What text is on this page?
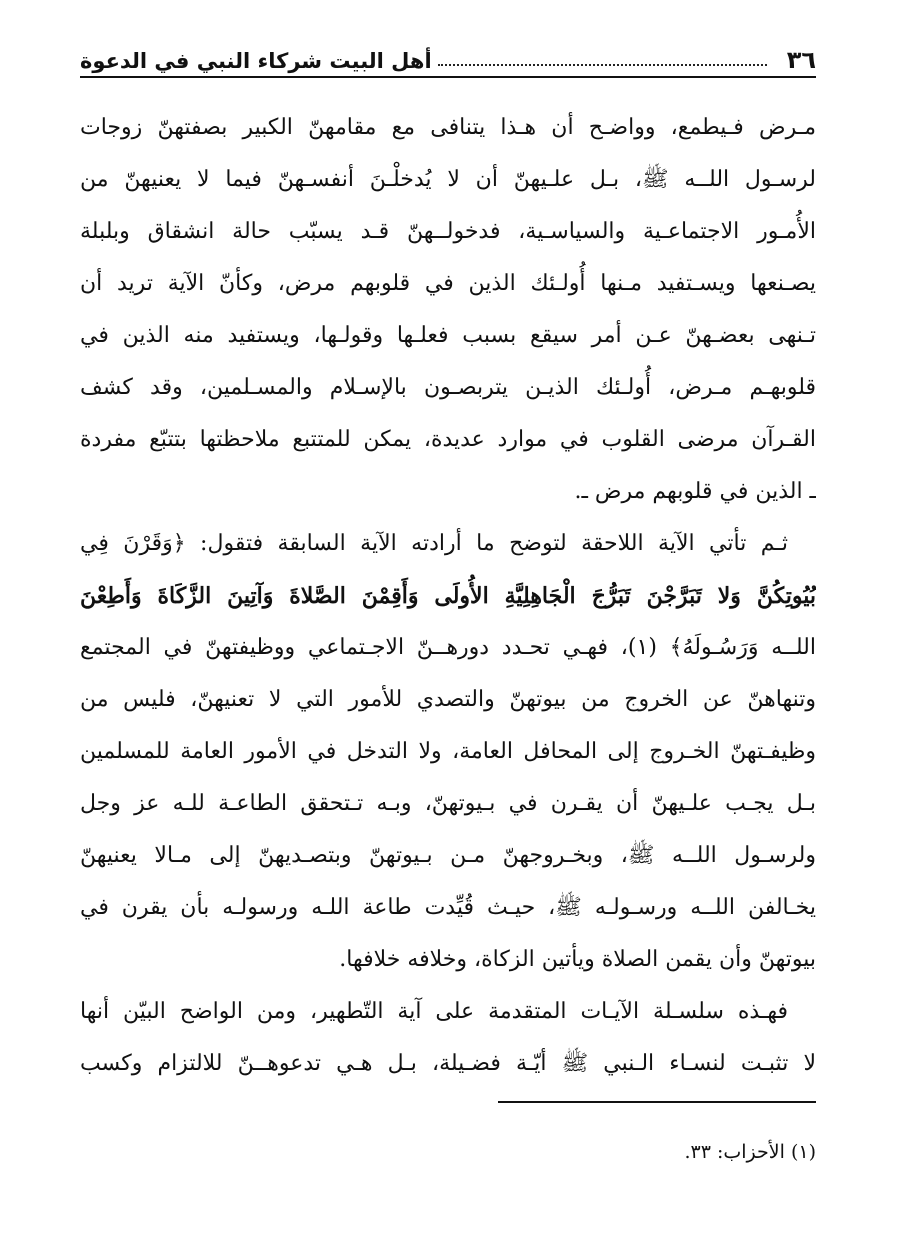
٣٦
أهل البيت شركاء النبي في الدعوة
مـرض فـيطمع، وواضـح أن هـذا يتنافى مع مقامهنّ الكبير بصفتهنّ زوجات
لرسـول اللــه ﷺ، بـل علـيهنّ أن لا يُدخلْـنَ أنفسـهنّ فيما لا يعنيهنّ من
الأُمـور الاجتماعـية والسياسـية، فدخولــهنّ قـد يسبّب حالة انشقاق وبلبلة
يصـنعها ويسـتفيد مـنها أُولـئك الذين في قلوبهم مرض، وكأنّ الآية تريد أن
تـنهى بعضـهنّ عـن أمر سيقع بسبب فعلـها وقولـها، ويستفيد منه الذين في
قلوبهـم مـرض، أُولـئك الذيـن يتربصـون بالإسـلام والمسـلمين، وقد كشف
القـرآن مرضى القلوب في موارد عديدة، يمكن للمتتبع ملاحظتها بتتبّع مفردة
ـ الذين في قلوبهم مرض ـ.
ثـم تأتي الآية اللاحقة لتوضح ما أرادته الآية السابقة فتقول: ﴿وَقَرْنَ فِي
بُيُوتِكُنَّ وَلا تَبَرَّجْنَ تَبَرُّجَ الْجَاهِلِيَّةِ الأُولَى وَأَقِمْنَ الصَّلاةَ وَآتِينَ الزَّكَاةَ وَأَطِعْنَ
اللــه وَرَسُـولَهُ﴾ (١)، فهـي تحـدد دورهــنّ الاجـتماعي ووظيفتهنّ في المجتمع
وتنهاهنّ عن الخروج من بيوتهنّ والتصدي للأمور التي لا تعنيهنّ، فليس من
وظيفـتهنّ الخـروج إلى المحافل العامة، ولا التدخل في الأمور العامة للمسلمين
بـل يجـب علـيهنّ أن يقـرن في بـيوتهنّ، وبـه تـتحقق الطاعـة للـه عز وجل
ولرسـول اللــه ﷺ، وبخـروجهنّ مـن بـيوتهنّ وبتصـديهنّ إلى مـالا يعنيهنّ
يخـالفن اللــه ورسـولـه ﷺ، حيـث قُيِّدت طاعة اللـه ورسولـه بأن يقرن في
بيوتهنّ وأن يقمن الصلاة ويأتين الزكاة، وخلافه خلافها.
فهـذه سلسـلة الآيـات المتقدمة على آية التّطهير، ومن الواضح البيّن أنها
لا تثبـت لنسـاء الـنبي ﷺ أيّـة فضـيلة، بـل هـي تدعوهــنّ للالتزام وكسب
(١) الأحزاب: ٣٣.
